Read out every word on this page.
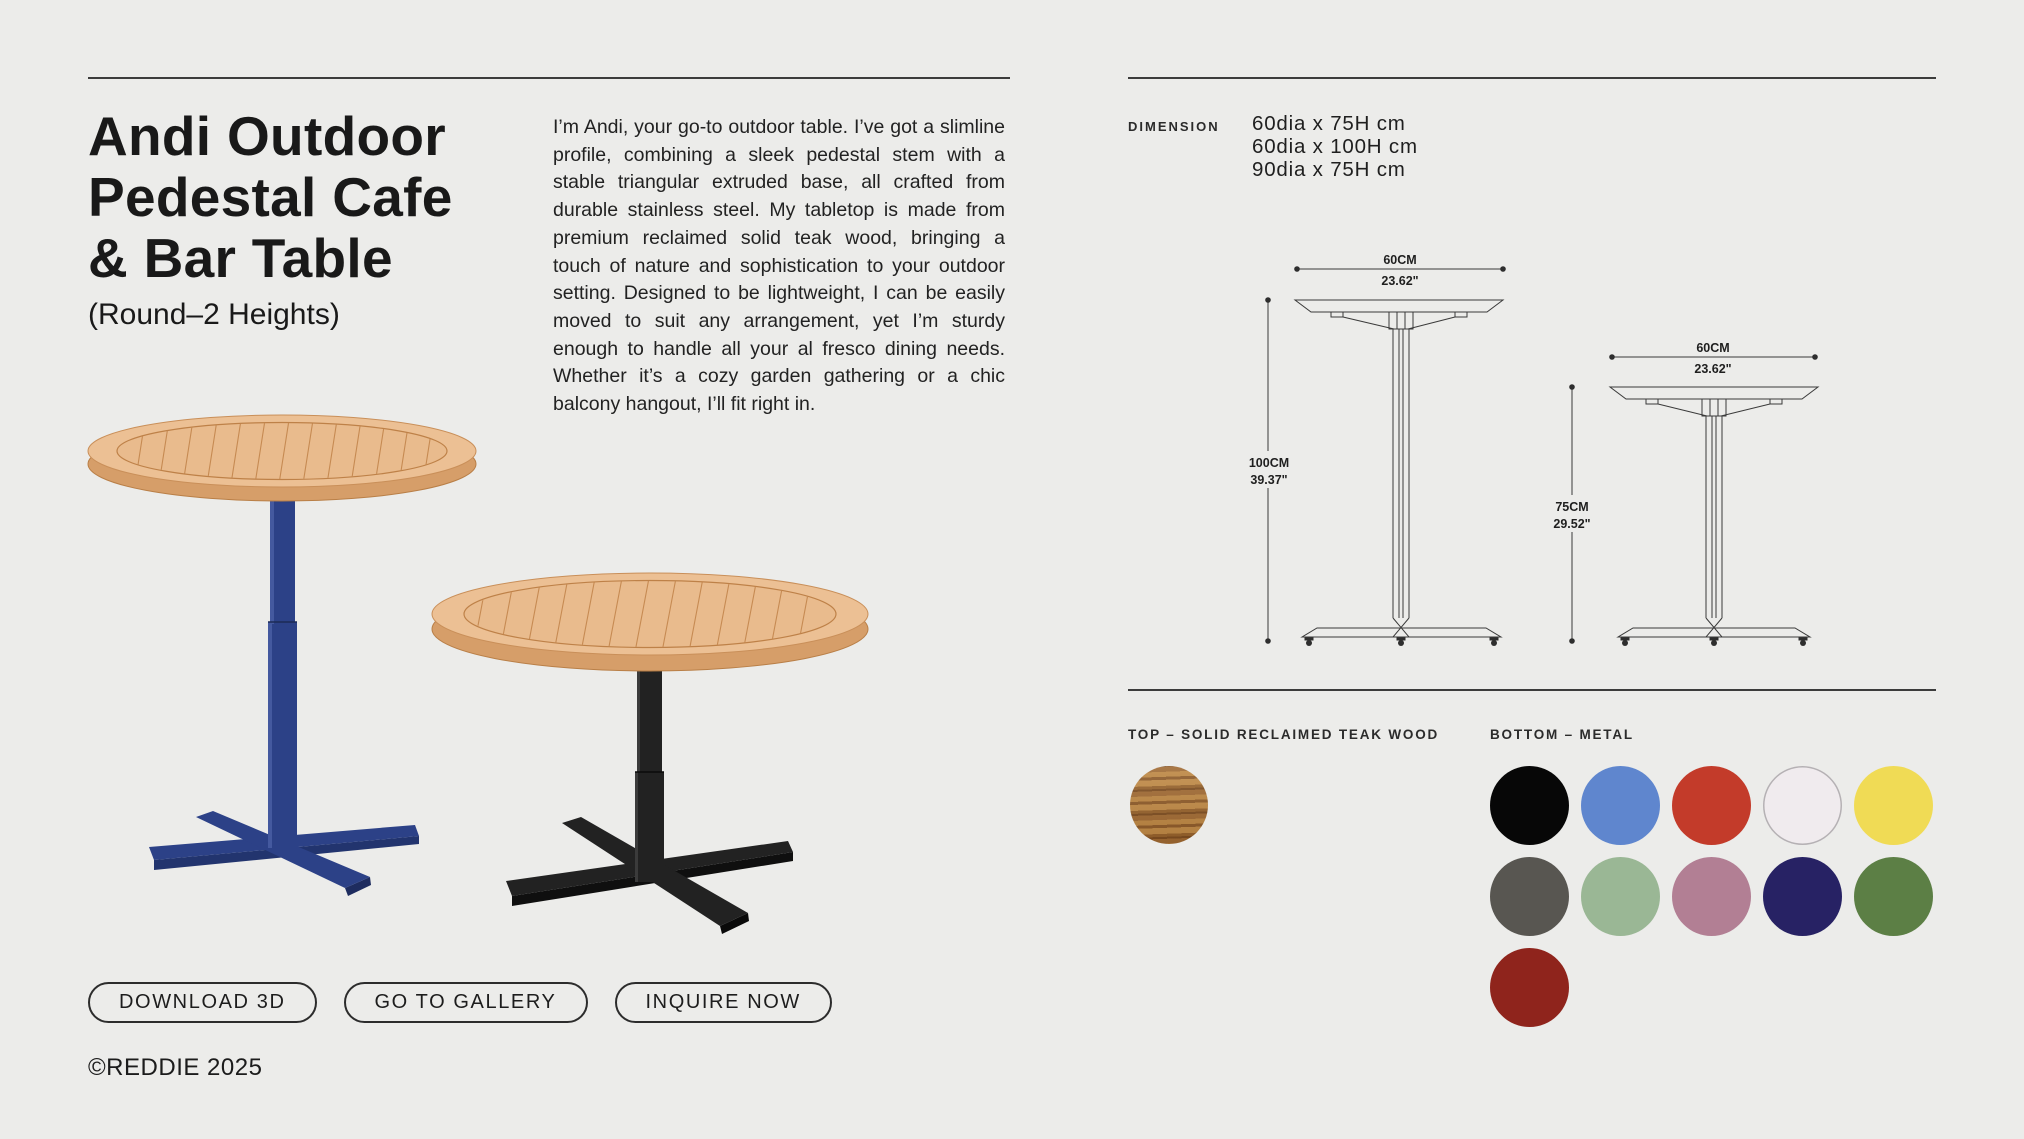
Andi Outdoor
Pedestal Cafe
& Bar Table
(Round–2 Heights)

I’m Andi, your go-to outdoor table. I’ve got a slimline profile, combining a sleek pedestal stem with a stable triangular extruded base, all crafted from durable stainless steel. My tabletop is made from premium reclaimed solid teak wood, bringing a touch of nature and sophistication to your outdoor setting. Designed to be lightweight, I can be easily moved to suit any arrangement, yet I’m sturdy enough to handle all your al fresco dining needs. Whether it’s a cozy garden gathering or a chic balcony hangout, I’ll fit right in.

DOWNLOAD 3D	GO TO GALLERY	INQUIRE NOW
©REDDIE 2025
DIMENSION 60dia x 75H cm
60dia x 100H cm
90dia x 75H cm
60CM
23.62"
100CM
39.37"
60CM
23.62"
75CM
29.52"
TOP – SOLID RECLAIMED TEAK WOOD	BOTTOM – METAL
